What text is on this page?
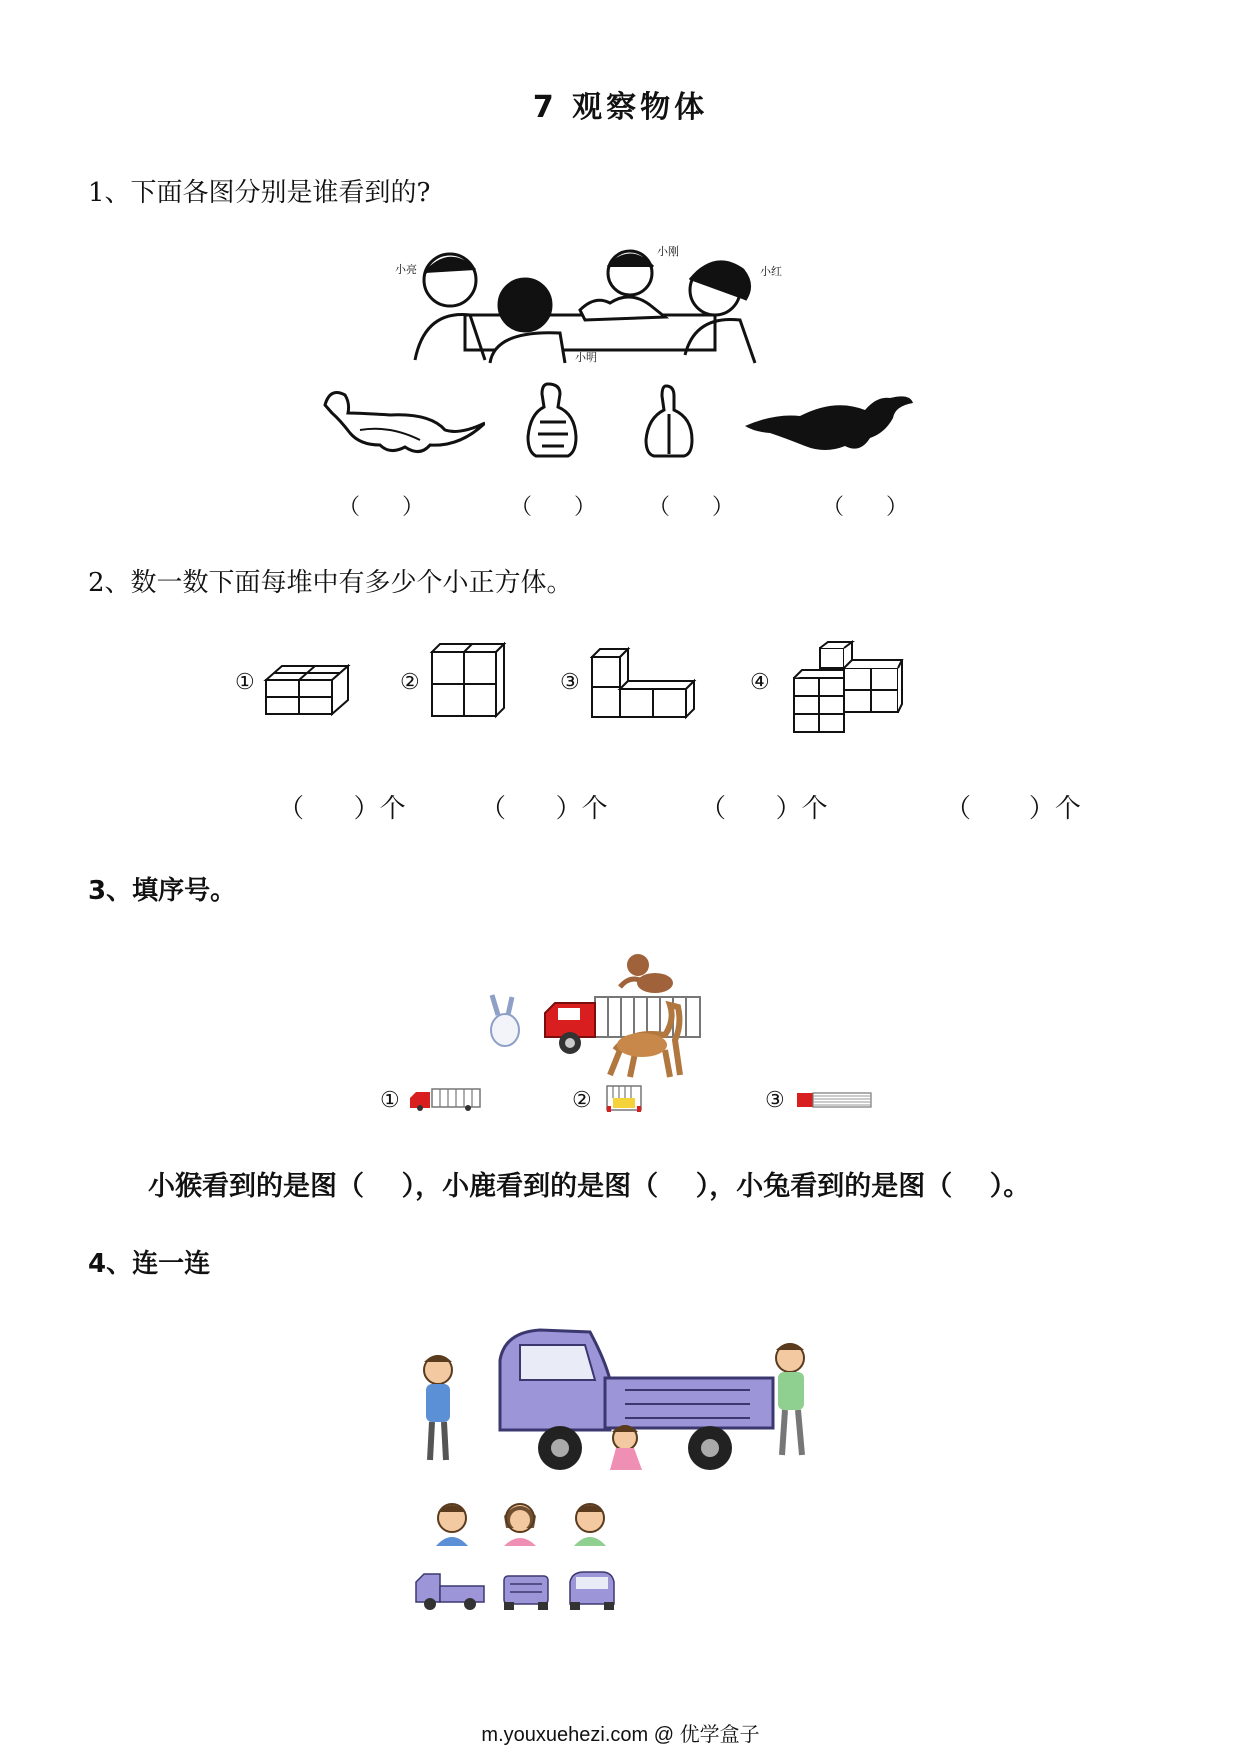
7 观察物体
1、下面各图分别是谁看到的?
小亮
小刚
小红
小明
（      ）	（      ） （      ）	（      ）
2、数一数下面每堆中有多少个小正方体。
①	②	③	④
（      ）个	（      ）个	（      ）个	（       ）个
3、填序号。
①	②	③
小猴看到的是图（    ），小鹿看到的是图（    ），小兔看到的是图（    ）。
4、连一连
m.youxuehezi.com @ 优学盒子
